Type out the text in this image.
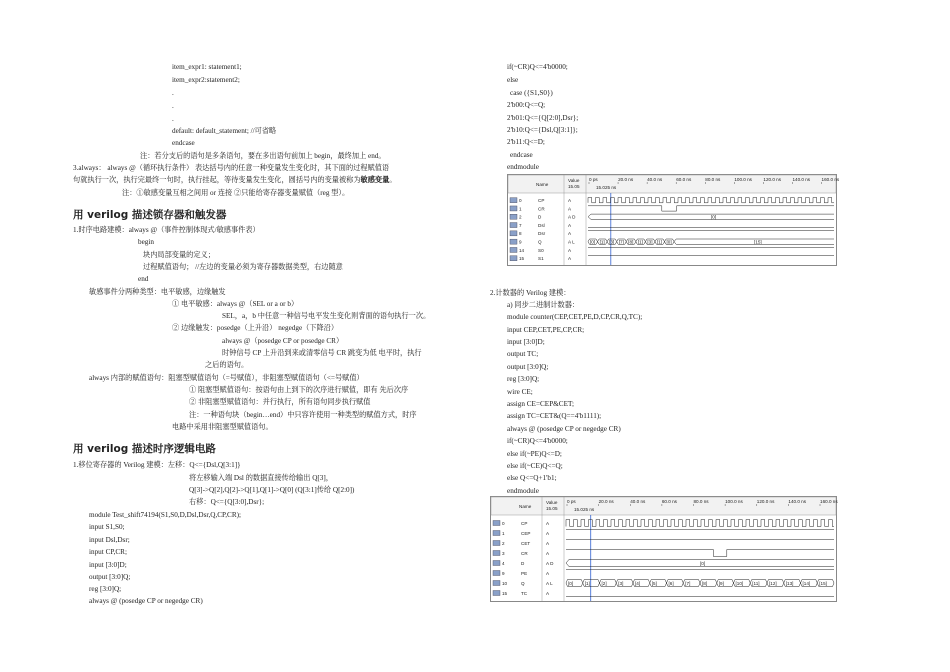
item_expr1: statement1;
item_expr2:statement2;
.
.
.
default: default_statement; //可省略
endcase
注：若分支后的语句是多条语句，要在多出语句前加上 begin，最终加上 end。
3.always： always @（循环执行条件） 表达括号内的任意一种变量发生变化时，其下面的过程赋值语
句就执行一次，执行完最终一句时，执行挂起，等待变量发生变化，圆括号内的变量被称为敏感变量。
注：①敏感变量互相之间用 or 连接 ②只能给寄存器变量赋值（reg 型）。
用 verilog 描述锁存器和触发器
1.时序电路建模：always @（事件控制体现式/敏感事件表）
begin
块内局部变量的定义；
过程赋值语句； //左边的变量必须为寄存器数据类型，右边随意
end
敏感事件分两种类型：电平敏感，边缘触发
① 电平敏感：always @（SEL or a or b）
SEL，a，b 中任意一种信号电平发生变化则背面的语句执行一次。
② 边缘触发：posedge（上升沿） negedge（下降沿）
always @（posedge CP or posedge CR）
时钟信号 CP 上升沿到来或清零信号 CR 跳变为低 电平时，执行
之后的语句。
always 内部的赋值语句：阻塞型赋值语句（=号赋值），非阻塞型赋值语句（<=号赋值）
① 阻塞型赋值语句：按语句由上到下的次序进行赋值，即有 先后次序
② 非阻塞型赋值语句：并行执行，所有语句同步执行赋值
注：一种语句块（begin…end）中只容许使用一种类型的赋值方式，时序
电路中采用非阻塞型赋值语句。
用 verilog 描述时序逻辑电路
1.移位寄存器的 Verilog 建模：左移：Q<={Dsl,Q[3:1]}
将左移输入端 Dsl 的数据直接传给输出 Q[3]，
Q[3]->Q[2],Q[2]->Q[1],Q[1]->Q[0] (Q[3:1]传给 Q[2:0])
右移：Q<={Q[3:0],Dsr};
module Test_shift74194(S1,S0,D,Dsl,Dsr,Q,CP,CR);
input S1,S0;
input Dsl,Dsr;
input CP,CR;
input [3:0]D;
output [3:0]Q;
reg [3:0]Q;
always @ (posedge CP or negedge CR)
if(~CR)Q<=4'b0000;
else
case ({S1,S0})
2'b00:Q<=Q;
2'b01:Q<={Q[2:0],Dsr};
2'b10:Q<={Dsl,Q[3:1]};
2'b11:Q<=D;
endcase
endmodule
Name
Value
15.05
0 ps	20.0 ns	40.0 ns	60.0 ns	80.0 ns	100.0 ns 120.0 ns 140.0 ns 160.0 ns
15.025 ns
0	CP	A
1	CR	A
2	D	A D	[0]
7	Dsl	A
8	Dsr	A
9	Q	A L	[0] [1] [3] [7] [8] [1] [3] [1] [0]	[15]
14	S0	A
15	S1	A
2.计数器的 Verilog 建模：
a) 同步二进制计数器：
module counter(CEP,CET,PE,D,CP,CR,Q,TC);
input CEP,CET,PE,CP,CR;
input [3:0]D;
output TC;
output [3:0]Q;
reg [3:0]Q;
wire CE;
assign CE=CEP&CET;
assign TC=CET&(Q==4'b1111);
always @ (posedge CP or negedge CR)
if(~CR)Q<=4'b0000;
else if(~PE)Q<=D;
else if(~CE)Q<=Q;
else Q<=Q+1'b1;
endmodule
Name
Value
15.05
0 ps	20.0 ns	40.0 ns	60.0 ns	80.0 ns	100.0 ns	120.0 ns	140.0 ns	160.0 ns
15.025 ns
0	CP	A
1	CEP	A
2	CET	A
3	CR	A
4	D	A D	[0]
9	PE	A
10	Q	A L	[0]	[1]	[2]	[3]	[4]	[5]	[6]	[7]	[8]	[9]	[10] [11] [12] [13] [14] [15]
15	TC	A
